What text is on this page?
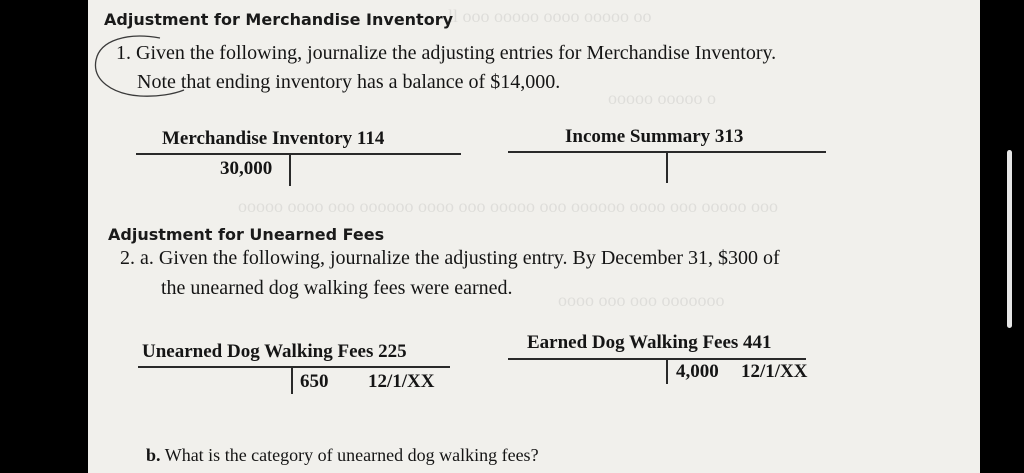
ll ooo ooooo oooo ooooo oo
ooooo ooooo o
ooooo oooo ooo oooooo oooo ooo ooooo ooo oooooo oooo ooo ooooo ooo
oooo ooo ooo ooooooo
Adjustment for Merchandise Inventory
1. Given the following, journalize the adjusting entries for Merchandise Inventory.
Note that ending inventory has a balance of $14,000.
Merchandise Inventory 114
30,000
Income Summary 313
Adjustment for Unearned Fees
2. a. Given the following, journalize the adjusting entry. By December 31, $300 of
the unearned dog walking fees were earned.
Unearned Dog Walking Fees 225
650 12/1/XX
Earned Dog Walking Fees 441
4,000 12/1/XX
b. What is the category of unearned dog walking fees?
